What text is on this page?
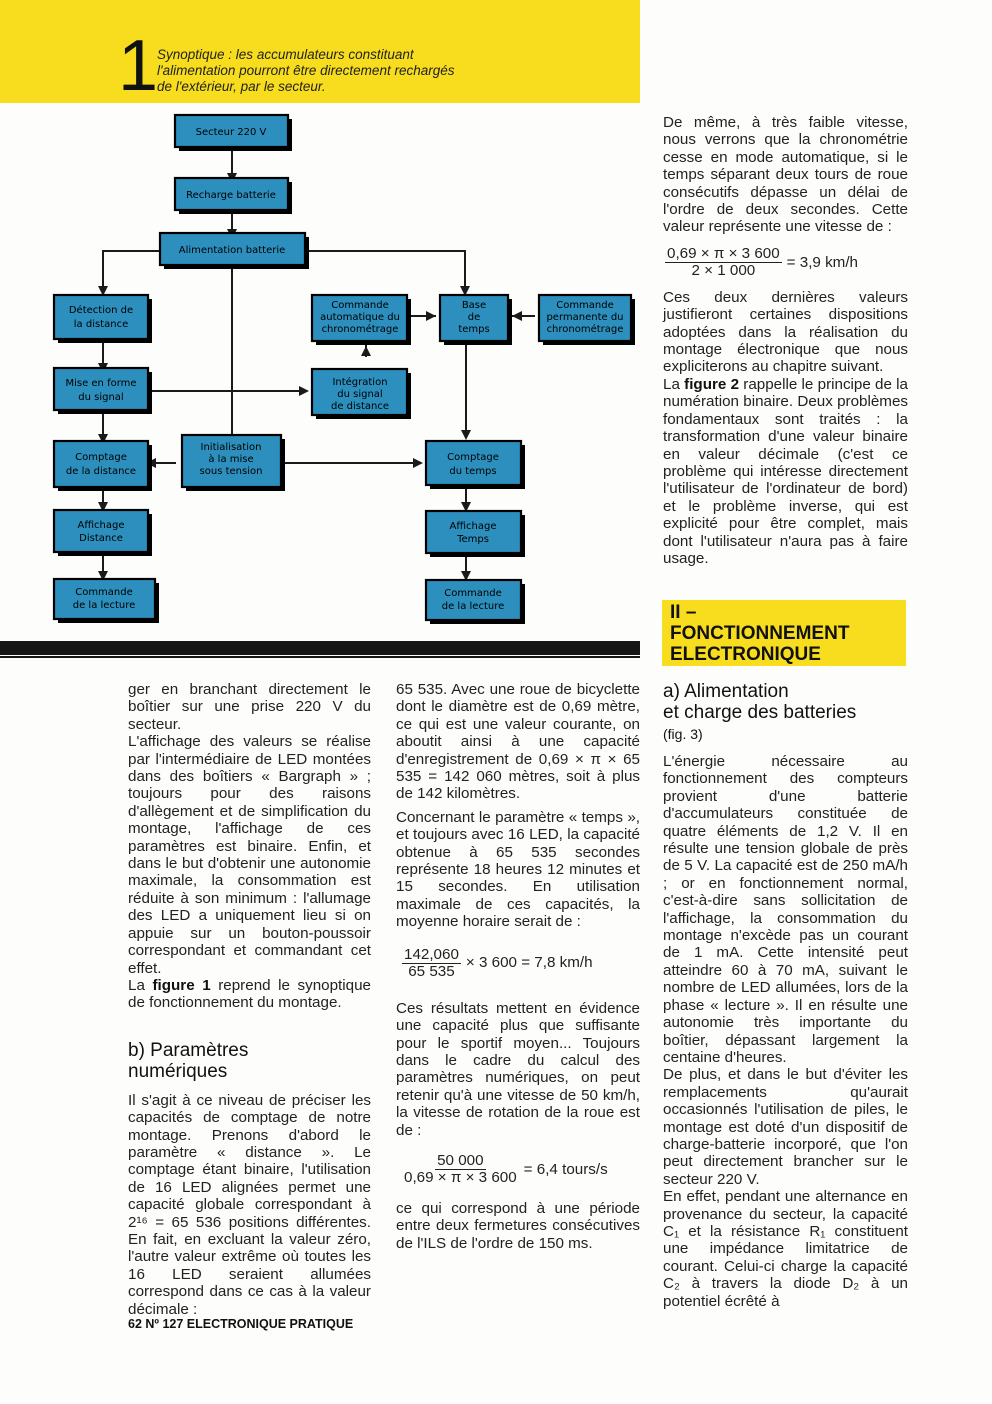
1
Synoptique : les accumulateurs constituant l'alimentation pourront être directement rechargés de l'extérieur, par le secteur.
Secteur 220 V
Recharge batterie
Alimentation batterie
Détection de
la distance
Commande
automatique du
chronométrage
Base
de
temps
Commande
permanente du
chronométrage
Mise en forme
du signal
Intégration
du signal
de distance
Comptage
de la distance
Initialisation
à la mise
sous tension
Comptage
du temps
Affichage
Distance
Affichage
Temps
Commande
de la lecture
Commande
de la lecture

ger en branchant directement le boîtier sur une prise 220 V du secteur.

L'affichage des valeurs se réalise par l'intermédiaire de LED montées dans des boîtiers « Bargraph » ; toujours pour des raisons d'allègement et de simplification du montage, l'affichage de ces paramètres est binaire. Enfin, et dans le but d'obtenir une autonomie maximale, la consommation est réduite à son minimum : l'allumage des LED a uniquement lieu si on appuie sur un bouton-poussoir correspondant et commandant cet effet.

La figure 1 reprend le synoptique de fonctionnement du montage.

b) Paramètres numériques

Il s'agit à ce niveau de préciser les capacités de comptage de notre montage. Prenons d'abord le paramètre « distance ». Le comptage étant binaire, l'utilisation de 16 LED alignées permet une capacité globale correspondant à 2¹⁶ = 65 536 positions différentes. En fait, en excluant la valeur zéro, l'autre valeur extrême où toutes les 16 LED seraient allumées correspond dans ce cas à la valeur décimale :

65 535. Avec une roue de bicyclette dont le diamètre est de 0,69 mètre, ce qui est une valeur courante, on aboutit ainsi à une capacité d'enregistrement de 0,69 × π × 65 535 = 142 060 mètres, soit à plus de 142 kilomètres.

Concernant le paramètre « temps », et toujours avec 16 LED, la capacité obtenue à 65 535 secondes représente 18 heures 12 minutes et 15 secondes. En utilisation maximale de ces capacités, la moyenne horaire serait de :

$\frac{142,060}{65 535} \times 3$ 600 = 7,8 km/h

Ces résultats mettent en évidence une capacité plus que suffisante pour le sportif moyen... Toujours dans le cadre du calcul des paramètres numériques, on peut retenir qu'à une vitesse de 50 km/h, la vitesse de rotation de la roue est de :

$\frac{50 000}{0,69 \times \pi \times 3 600} = 6,4$ tours/s

ce qui correspond à une période entre deux fermetures consécutives de l'ILS de l'ordre de 150 ms.

De même, à très faible vitesse, nous verrons que la chronométrie cesse en mode automatique, si le temps séparant deux tours de roue consécutifs dépasse un délai de l'ordre de deux secondes. Cette valeur représente une vitesse de :

$\frac{0,69 \times \pi \times 3 600}{2 \times 1 000} = 3,9$ km/h

Ces deux dernières valeurs justifieront certaines dispositions adoptées dans la réalisation du montage électronique que nous expliciterons au chapitre suivant.

La figure 2 rappelle le principe de la numération binaire. Deux problèmes fondamentaux sont traités : la transformation d'une valeur binaire en valeur décimale (c'est ce problème qui intéresse directement l'utilisateur de l'ordinateur de bord) et le problème inverse, qui est explicité pour être complet, mais dont l'utilisateur n'aura pas à faire usage.

II –
FONCTIONNEMENT
ELECTRONIQUE
a) Alimentation
et charge des batteries
(fig. 3)

L'énergie nécessaire au fonctionnement des compteurs provient d'une batterie d'accumulateurs constituée de quatre éléments de 1,2 V. Il en résulte une tension globale de près de 5 V. La capacité est de 250 mA/h ; or en fonctionnement normal, c'est-à-dire sans sollicitation de l'affichage, la consommation du montage n'excède pas un courant de 1 mA. Cette intensité peut atteindre 60 à 70 mA, suivant le nombre de LED allumées, lors de la phase « lecture ». Il en résulte une autonomie très importante du boîtier, dépassant largement la centaine d'heures.

De plus, et dans le but d'éviter les remplacements qu'aurait occasionnés l'utilisation de piles, le montage est doté d'un dispositif de charge-batterie incorporé, que l'on peut directement brancher sur le secteur 220 V.

En effet, pendant une alternance en provenance du secteur, la capacité C₁ et la résistance R₁ constituent une impédance limitatrice de courant. Celui-ci charge la capacité C₂ à travers la diode D₂ à un potentiel écrêté à

62 Nº 127 ELECTRONIQUE PRATIQUE
